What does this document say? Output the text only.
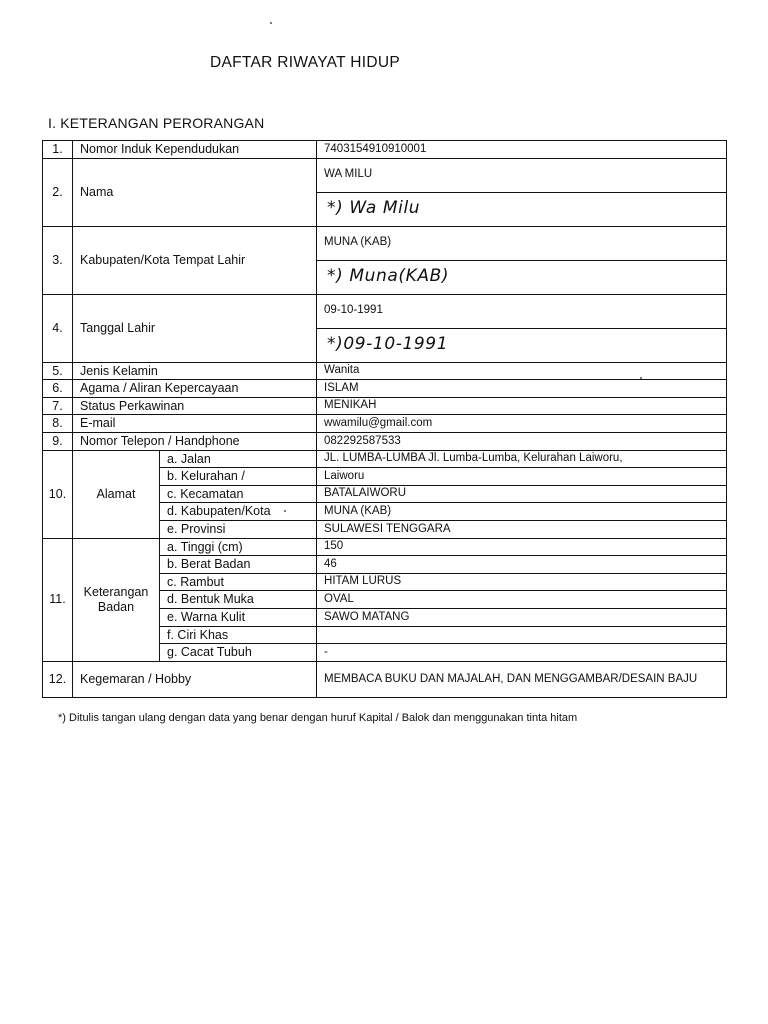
DAFTAR RIWAYAT HIDUP
I. KETERANGAN PERORANGAN
1.	Nomor Induk Kependudukan		7403154910910001
2.	Nama		WA MILU
			*) Wa Milu
3.	Kabupaten/Kota Tempat Lahir		MUNA (KAB)
			*) Muna(KAB)
4.	Tanggal Lahir		09-10-1991
			*)09-10-1991
5.	Jenis Kelamin		Wanita
6.	Agama / Aliran Kepercayaan		ISLAM
7.	Status Perkawinan		MENIKAH
8.	E-mail		wwamilu@gmail.com
9.	Nomor Telepon / Handphone		082292587533
10.	Alamat	a. Jalan	JL. LUMBA-LUMBA Jl. Lumba-Lumba, Kelurahan Laiworu,
		b. Kelurahan /	Laiworu
		c. Kecamatan	BATALAIWORU
		d. Kabupaten/Kota	MUNA (KAB)
		e. Provinsi	SULAWESI TENGGARA
11.	Keterangan Badan	a. Tinggi (cm)	150
		b. Berat Badan	46
		c. Rambut	HITAM LURUS
		d. Bentuk Muka	OVAL
		e. Warna Kulit	SAWO MATANG
		f. Ciri Khas	
		g. Cacat Tubuh	-
12.	Kegemaran / Hobby		MEMBACA BUKU DAN MAJALAH, DAN MENGGAMBAR/DESAIN BAJU
*) Ditulis tangan ulang dengan data yang benar dengan huruf Kapital / Balok dan menggunakan tinta hitam
